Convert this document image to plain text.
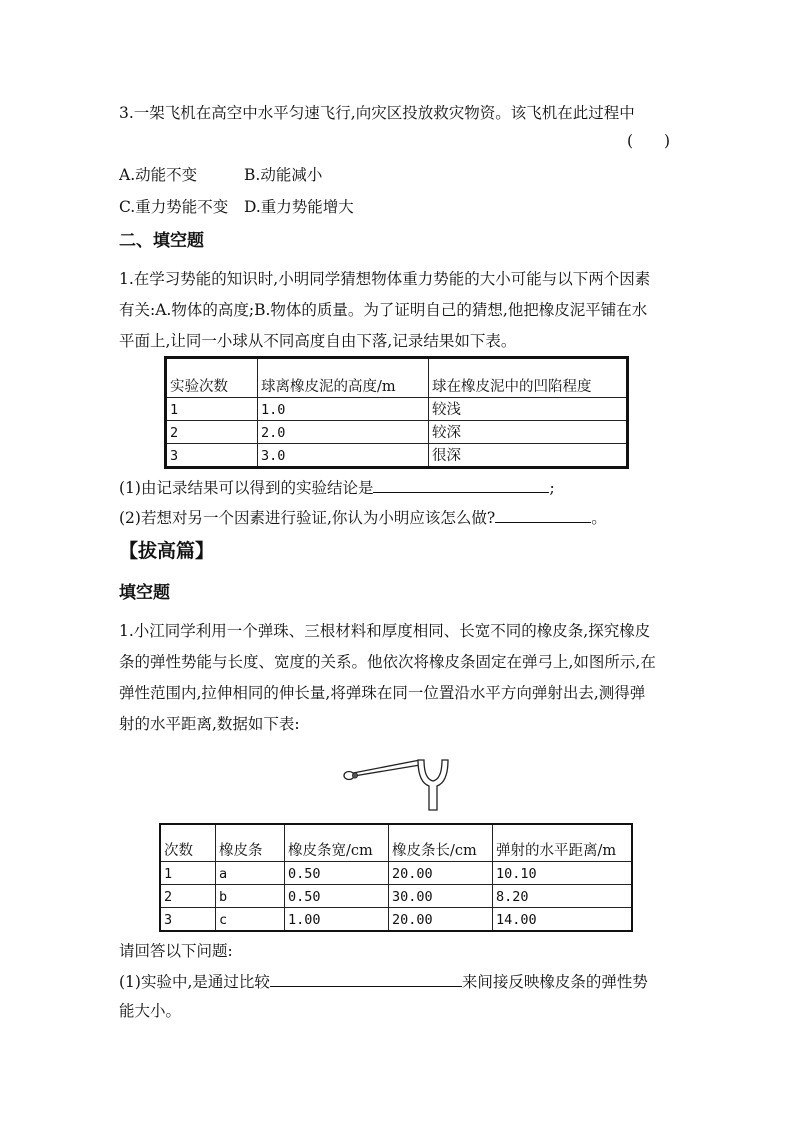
3.一架飞机在高空中水平匀速飞行,向灾区投放救灾物资。该飞机在此过程中
(　　)
A.动能不变	B.动能减小
C.重力势能不变 D.重力势能增大
二、填空题
1.在学习势能的知识时,小明同学猜想物体重力势能的大小可能与以下两个因素
有关:A.物体的高度;B.物体的质量。为了证明自己的猜想,他把橡皮泥平铺在水
平面上,让同一小球从不同高度自由下落,记录结果如下表。
实验次数	球离橡皮泥的高度/m	球在橡皮泥中的凹陷程度
1	1.0	较浅
2	2.0	较深
3	3.0	很深
(1)由记录结果可以得到的实验结论是	;
(2)若想对另一个因素进行验证,你认为小明应该怎么做?	。
【拔高篇】
填空题
1.小江同学利用一个弹珠、三根材料和厚度相同、长宽不同的橡皮条,探究橡皮
条的弹性势能与长度、宽度的关系。他依次将橡皮条固定在弹弓上,如图所示,在
弹性范围内,拉伸相同的伸长量,将弹珠在同一位置沿水平方向弹射出去,测得弹
射的水平距离,数据如下表:
次数	橡皮条	橡皮条宽/cm	橡皮条长/cm	弹射的水平距离/m
1	a	0.50	20.00	10.10
2	b	0.50	30.00	8.20
3	c	1.00	20.00	14.00
请回答以下问题:
(1)实验中,是通过比较	来间接反映橡皮条的弹性势
能大小。
